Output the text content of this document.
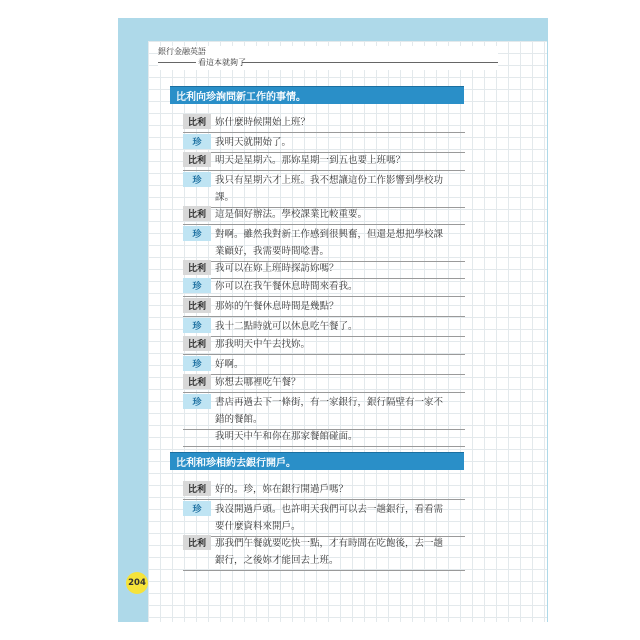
銀行金融英語
看這本就夠了
比利向珍詢問新工作的事情。
比利 妳什麼時候開始上班？
珍	我明天就開始了。
比利 明天是星期六。那妳星期一到五也要上班嗎？
珍	我只有星期六才上班。我不想讓這份工作影響到學校功
課。
比利 這是個好辦法。學校課業比較重要。
珍	對啊。雖然我對新工作感到很興奮，但還是想把學校課
業顧好，我需要時間唸書。
比利 我可以在妳上班時探訪妳嗎？
珍	你可以在我午餐休息時間來看我。
比利 那妳的午餐休息時間是幾點？
珍	我十二點時就可以休息吃午餐了。
比利 那我明天中午去找妳。
珍	好啊。
比利 妳想去哪裡吃午餐？
珍	書店再過去下一條街，有一家銀行，銀行隔壁有一家不
錯的餐館。
我明天中午和你在那家餐館碰面。
比利和珍相約去銀行開戶。
比利 好的。珍，妳在銀行開過戶嗎？
珍	我沒開過戶頭。也許明天我們可以去一趟銀行，看看需
要什麼資料來開戶。
比利 那我們午餐就要吃快一點，才有時間在吃飽後，去一趟
銀行，之後妳才能回去上班。
204
